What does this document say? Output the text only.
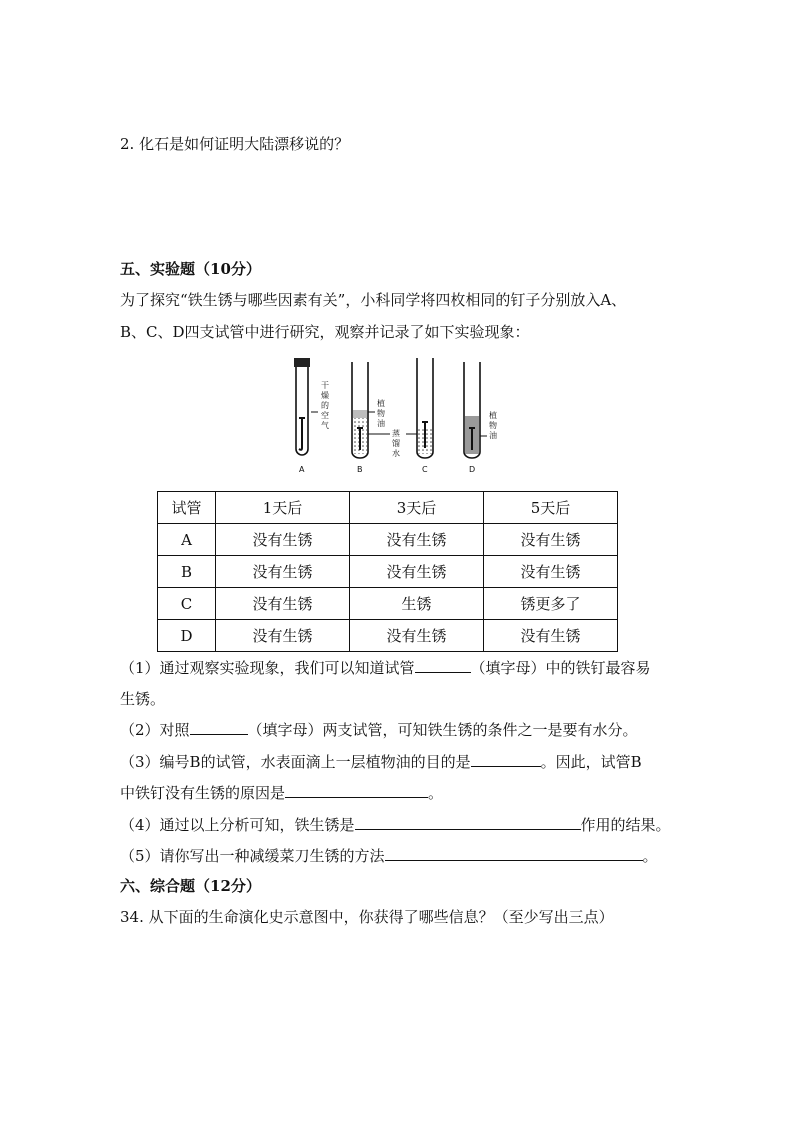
2. 化石是如何证明大陆漂移说的？
五、实验题（10分）
为了探究“铁生锈与哪些因素有关”，小科同学将四枚相同的钉子分别放入A、
B、C、D四支试管中进行研究，观察并记录了如下实验现象：
干
燥
的
空
气
植
物
油
蒸
馏
水
植
物
油
A	B	C	D
试管	1天后	3天后	5天后
A	没有生锈	没有生锈	没有生锈
B	没有生锈	没有生锈	没有生锈
C	没有生锈	生锈	锈更多了
D	没有生锈	没有生锈	没有生锈
（1）通过观察实验现象，我们可以知道试管	（填字母）中的铁钉最容易
生锈。
（2）对照	（填字母）两支试管，可知铁生锈的条件之一是要有水分。
（3）编号B的试管，水表面滴上一层植物油的目的是	。因此，试管B
中铁钉没有生锈的原因是	。
（4）通过以上分析可知，铁生锈是	作用的结果。
（5）请你写出一种减缓菜刀生锈的方法	。
六、综合题（12分）
34. 从下面的生命演化史示意图中，你获得了哪些信息？（至少写出三点）
